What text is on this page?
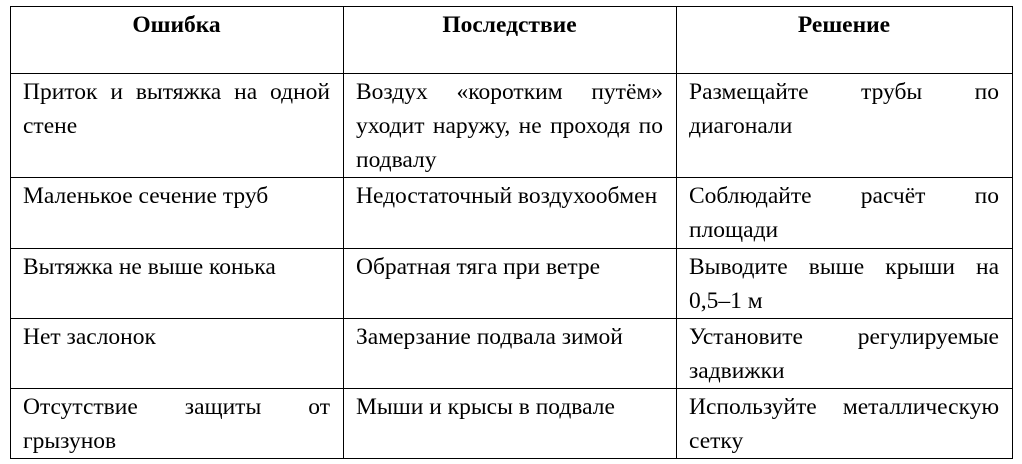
Ошибка	Последствие	Решение
Приток и вытяжка на одной стене	Воздух «коротким путём» уходит наружу, не проходя по подвалу	Размещайте трубы по диагонали
Маленькое сечение труб	Недостаточный воздухообмен	Соблюдайте расчёт по площади
Вытяжка не выше конька	Обратная тяга при ветре	Выводите выше крыши на 0,5–1 м
Нет заслонок	Замерзание подвала зимой	Установите регулируемые задвижки
Отсутствие защиты от грызунов	Мыши и крысы в подвале	Используйте металлическую сетку
